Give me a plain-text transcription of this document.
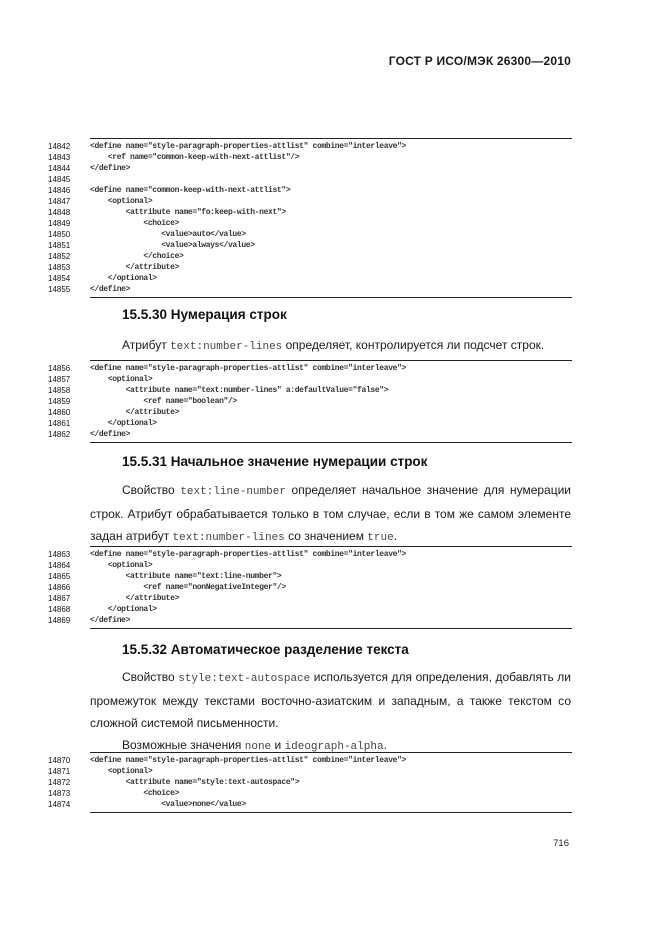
ГОСТ Р ИСО/МЭК 26300—2010
14842	<define name="style-paragraph-properties-attlist" combine="interleave">
14843	<ref name="common-keep-with-next-attlist"/>
14844	</define>
14845
14846	<define name="common-keep-with-next-attlist">
14847	<optional>
14848	<attribute name="fo:keep-with-next">
14849	<choice>
14850	<value>auto</value>
14851	<value>always</value>
14852	</choice>
14853	</attribute>
14854	</optional>
14855	</define>
15.5.30 Нумерация строк

Атрибут text:number-lines определяет, контролируется ли подсчет строк.

14856	<define name="style-paragraph-properties-attlist" combine="interleave">
14857	<optional>
14858	<attribute name="text:number-lines" a:defaultValue="false">
14859	<ref name="boolean"/>
14860	</attribute>
14861	</optional>
14862	</define>
15.5.31 Начальное значение нумерации строк

Свойство text:line-number определяет начальное значение для нумерации строк. Атрибут обрабатывается только в том случае, если в том же самом элементе задан атрибут text:number-lines со значением true.

14863	<define name="style-paragraph-properties-attlist" combine="interleave">
14864	<optional>
14865	<attribute name="text:line-number">
14866	<ref name="nonNegativeInteger"/>
14867	</attribute>
14868	</optional>
14869	</define>
15.5.32 Автоматическое разделение текста

Свойство style:text-autospace используется для определения, добавлять ли промежуток между текстами восточно-азиатским и западным, а также текстом со сложной системой письменности.

Возможные значения none и ideograph-alpha.

14870	<define name="style-paragraph-properties-attlist" combine="interleave">
14871	<optional>
14872	<attribute name="style:text-autospace">
14873	<choice>
14874	<value>none</value>
716
